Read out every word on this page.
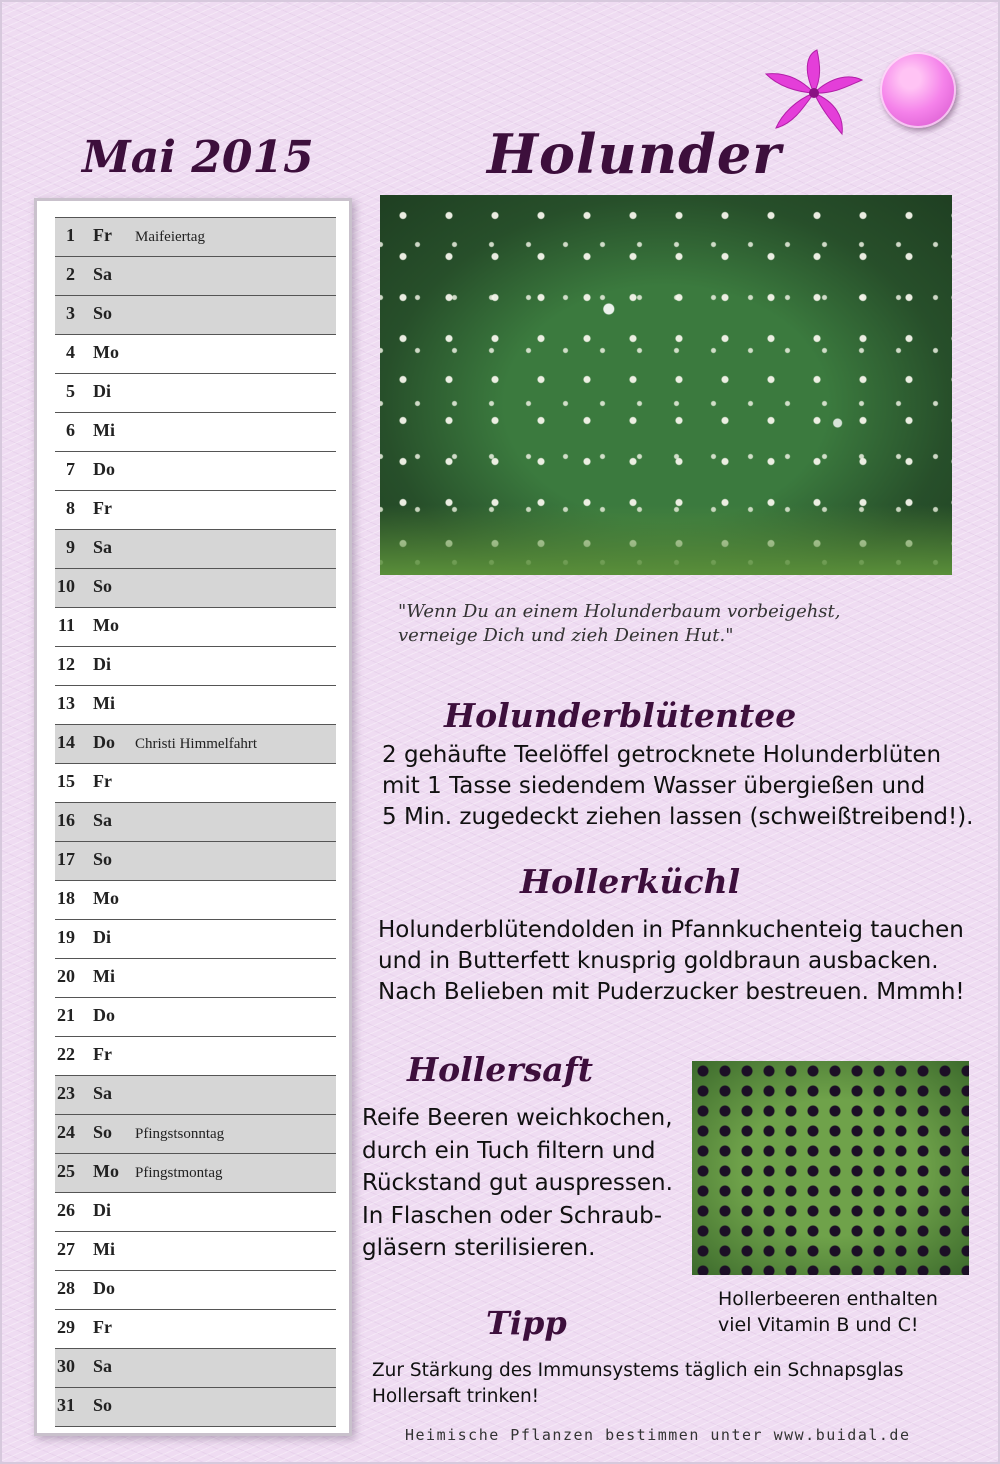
Mai 2015	Holunder
1 Fr Maifeiertag
2 Sa
3 So
4 Mo
5 Di
6 Mi
7 Do
8 Fr
9 Sa
10 So
11 Mo
12 Di
13 Mi
14 Do Christi Himmelfahrt
15 Fr
16 Sa
17 So
18 Mo
19 Di
20 Mi
21 Do
22 Fr
23 Sa
24 So Pfingstsonntag
25 Mo Pfingstmontag
26 Di
27 Mi
28 Do
29 Fr
30 Sa
31 So
"Wenn Du an einem Holunderbaum vorbeigehst,
verneige Dich und zieh Deinen Hut."
Holunderblütentee
2 gehäufte Teelöffel getrocknete Holunderblüten
mit 1 Tasse siedendem Wasser übergießen und
5 Min. zugedeckt ziehen lassen (schweißtreibend!).
Hollerküchl
Holunderblütendolden in Pfannkuchenteig tauchen
und in Butterfett knusprig goldbraun ausbacken.
Nach Belieben mit Puderzucker bestreuen. Mmmh!
Hollersaft
Reife Beeren weichkochen,
durch ein Tuch filtern und
Rückstand gut auspressen.
In Flaschen oder Schraub-
gläsern sterilisieren.
Hollerbeeren enthalten
viel Vitamin B und C!
Tipp
Zur Stärkung des Immunsystems täglich ein Schnapsglas
Hollersaft trinken!
Heimische Pflanzen bestimmen unter www.buidal.de
